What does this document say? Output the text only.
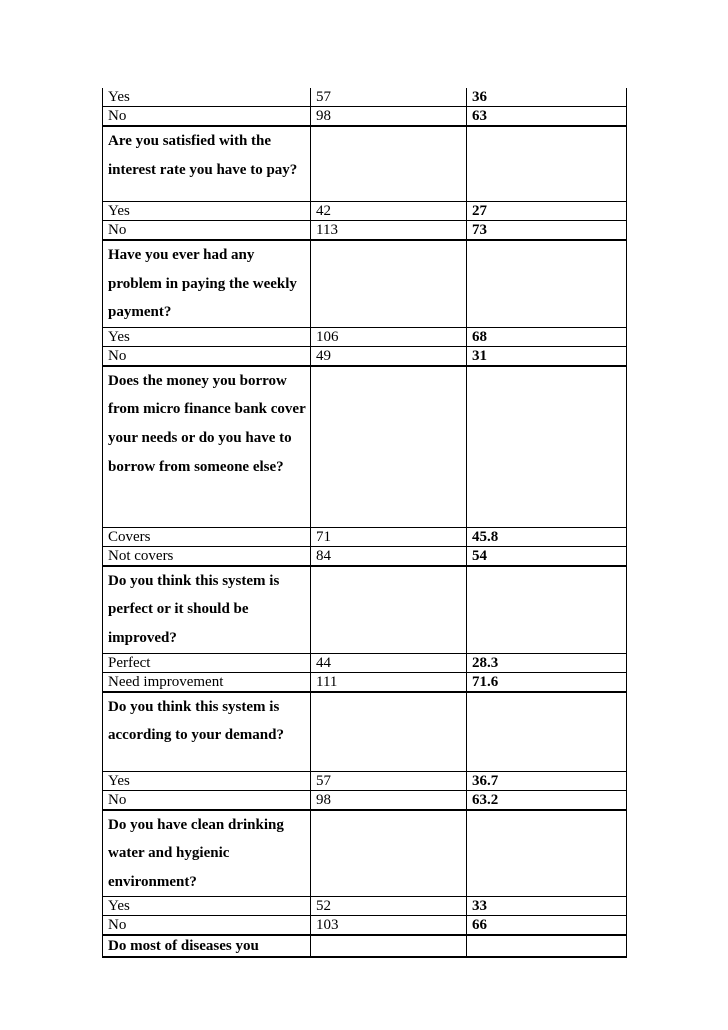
Yes	57	36
No	98	63
Are you satisfied with the interest rate you have to pay?		
Yes	42	27
No	113	73
Have you ever had any problem in paying the weekly payment?		
Yes	106	68
No	49	31
Does the money you borrow from micro finance bank cover your needs or do you have to borrow from someone else?		
Covers	71	45.8
Not covers	84	54
Do you think this system is perfect or it should be improved?		
Perfect	44	28.3
Need improvement	111	71.6
Do you think this system is according to your demand?		
Yes	57	36.7
No	98	63.2
Do you have clean drinking water and hygienic environment?		
Yes	52	33
No	103	66
Do most of diseases you		
